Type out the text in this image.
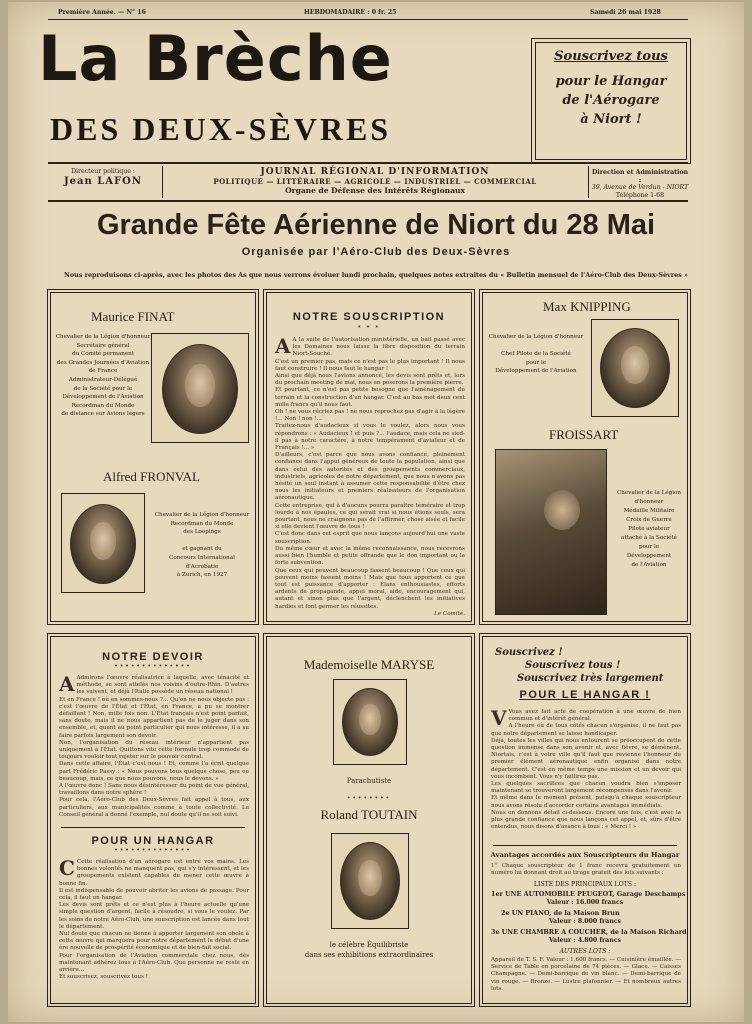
Première Année. — N° 16	HEBDOMADAIRE : 0 fr. 25	Samedi 26 mai 1928
La Brèche
DES DEUX-SÈVRES
Souscrivez tous
pour le Hangar
de l'Aérogare
à Niort !
Directeur politique :
Jean LAFON
JOURNAL RÉGIONAL D'INFORMATION
POLITIQUE — LITTÉRAIRE — AGRICOLE — INDUSTRIEL — COMMERCIAL
Organe de Défense des Intérêts Régionaux
Direction et Administration :
39, Avenue de Verdun - NIORT
Téléphone 1-68
Grande Fête Aérienne de Niort du 28 Mai
Organisée par l'Aéro-Club des Deux-Sèvres
Nous reproduisons ci-après, avec les photos des As que nous verrons évoluer lundi prochain, quelques notes extraites du « Bulletin mensuel de l'Aéro-Club des Deux-Sèvres »
Maurice FINAT
Chevalier de la Légion d'honneur
Secrétaire général
du Comité permanent
des Grandes Journées d'Aviation
de France
Administrateur-Délégué
de la Société pour le
Développement de l'Aviation
Recordman du Monde
de distance sur Avions légers
Alfred FRONVAL
Chevalier de la Légion d'honneur
Recordman du Monde
des Loopings

et gagnant du
Concours International
d'Acrobatie
à Zurich, en 1927
NOTRE SOUSCRIPTION
* * *

A A la suite de l'autorisation ministérielle, un bail passé avec les Domaines nous laisse la libre disposition du terrain Niort-Souché.

C'est un premier pas, mais ce n'est pas le plus important ! Il nous faut construire ! Il nous faut le hangar !

Ainsi que déjà nous l'avions annoncé, les devis sont prêts et, lors du prochain meeting de mai, nous en poserons la première pierre.

Et pourtant, ce n'est pas petite besogne que l'aménagement du terrain et la construction d'un hangar. C'est au bas mot deux cent mille francs qu'il nous faut.

Oh ! ne vous récriez pas ! ne nous reprochez pas d'agir à la légère !... Non ! non !...

Traitez-nous d'audacieux si vous le voulez, alors nous vous répondrons : « Audacieux ! et puis ?... l'audace, mais cela ne sied-il pas à notre caractère, à notre tempérament d'aviateur et de Français !... »

D'ailleurs, c'est parce que nous avons confiance, pleinement confiance dans l'appui généreux de toute la population, ainsi que dans celui des autorités et des groupements commerciaux, industriels, agricoles de notre département, que nous n'avons pas hésité un seul instant à assumer cette responsabilité d'être chez nous les initiateurs et premiers réalisateurs de l'organisation aéronautique.

Cette entreprise, qui à d'aucuns pourra paraître téméraire et trop lourde à nos épaules, ce qui serait vrai si nous étions seuls, sera pourtant, nous ne craignons pas de l'affirmer, chose aisée et facile si elle devient l'œuvre de tous !

C'est donc dans cet esprit que nous lançons aujourd'hui une vaste souscription.

Du même cœur et avec la même reconnaissance, nous recevrons aussi bien l'humble et petite offrande que le don important ou la forte subvention.

Que ceux qui peuvent beaucoup fassent beaucoup ! Que ceux qui peuvent moins fassent moins ! Mais que tous apportent ce que tout est puissance d'apporter : Élans enthousiastes, efforts ardents de propagande, appui moral, aide, encouragement qui, autant et sinon plus que l'argent, déclenchent les initiatives hardies et font germer les réussites.

Le Comité.

Max KNIPPING
Chevalier de la Légion d'honneur

Chef Pilote de la Société
pour le
Développement de l'Aviation
FROISSART
Chevalier de la Légion
d'honneur
Médaille Militaire
Croix de Guerre
Pilote aviateur
attaché à la Société
pour le
Développement
de l'Aviation
NOTRE DEVOIR
••••••••••••••

A Admirons l'œuvre réalisatrice à laquelle, avec ténacité et méthode, se sont attelés nos voisins d'outre-Rhin. D'autres les suivent, et déjà l'Italie possède un réseau national !

Et en France ! où en sommes-nous ?... Qu'on ne nous objecte pas : c'est l'œuvre de l'État et l'État, en France, a pu se montrer défaillant ! Non, mille fois non. L'État français n'est point parfait, sans doute, mais il ne nous appartient pas de le juger dans son ensemble, et, quant au point particulier qui nous intéresse, il a su faire parfois largement son devoir.

Non, l'organisation du réseau intérieur n'appartient pas uniquement à l'État. Quittons vite cette formule trop commode de toujours vouloir tout rejeter sur le pouvoir central.

Dans cette affaire, l'État c'est nous ! Et, comme l'a écrit quelque part Frédéric Passy : « Nous pouvons tous quelque chose, peu ou beaucoup, mais, ce que nous pouvons, nous le devons. »

A l'œuvre donc ! Sans nous désintéresser du point de vue général, travaillons dans notre sphère !

Pour cela, l'Aéro-Club des Deux-Sèvres fait appel à tous, aux particuliers, aux municipalités comme à toute collectivité. Le Conseil général a donné l'exemple, nul doute qu'il ne soit suivi.

POUR UN HANGAR
••••••••••••••

C Cette réalisation d'un aérogare est entre vos mains. Les bonnes volontés ne manquent pas, qui s'y intéressent, et les groupements existent capables de mener cette œuvre à bonne fin.

Il est indispensable de pouvoir abriter les avions de passage. Pour cela, il faut un hangar.

Les devis sont prêts et ce n'est plus à l'heure actuelle qu'une simple question d'argent, facile à résoudre, si vous le voulez. Par les soins de notre Aéro-Club, une souscription est lancée dans tout le département.

Nul doute que chacun ne tienne à apporter largement son obole à cette œuvre qui marquera pour notre département le début d'une ère nouvelle de prospérité économique et de bien-fait social.

Pour l'organisation de l'Aviation commerciale chez nous, dès maintenant adhérez tous à l'Aéro-Club. Que personne ne reste en arrière...

Et souscrivez, souscrivez tous !

Mademoiselle MARYSE
Parachutiste
••••••••
Roland TOUTAIN
le célèbre Équilibriste
dans ses exhibitions extraordinaires
Souscrivez !
Souscrivez tous !
Souscrivez très largement
POUR LE HANGAR !

V Vous avez fait acte de coopération à une œuvre de bien commun et d'intérêt général.

A l'heure où de tous côtés chacun s'organise, il ne faut pas que notre département se laisse handicaper.

Déjà, toutes les villes qui nous entourent se préoccupent de cette question immense dans son avenir et, avec fièvre, se démènent. Niortais, c'est à votre ville qu'il faut que revienne l'honneur du premier élément aéronautique enfin organisé dans notre département. C'est en même temps une mission et un devoir qui vous incombent. Vous n'y faillirez pas.

Les quelques sacrifices que chacun voudra bien s'imposer maintenant se trouveront largement récompensés dans l'avenir.

Et même dans le moment présent, puisqu'à chaque souscripteur nous avons résolu d'accorder certains avantages immédiats.

Nous en donnons détail ci-dessous. Encore une fois, c'est avec la plus grande confiance que nous lançons cet appel, et, sûrs d'être entendus, nous disons d'avance à tous : « Merci ! »

Avantages accordés aux Souscripteurs du Hangar
1° Chaque souscripteur de 1 franc recevra gratuitement un numéro lui donnant droit au tirage gratuit des lots suivants :
LISTE DES PRINCIPAUX LOTS :
1er UNE AUTOMOBILE PEUGEOT, Garage Deschamps
Valeur : 16.000 francs
2e UN PIANO, de la Maison Brun
Valeur : 8.000 francs
3e UNE CHAMBRE A COUCHER, de la Maison Richard
Valeur : 4.800 francs
AUTRES LOTS :
Appareil de T. S. F. Valeur : 1.600 francs. — Cuisinière émaillée. — Service de Table en porcelaine de 74 pièces. — Glace. — Caisses Champagne. — Demi-barrique de vin blanc. — Demi-barrique de vin rouge. — Bronze. — Lustre plafonnier. — Et nombreux autres lots.
